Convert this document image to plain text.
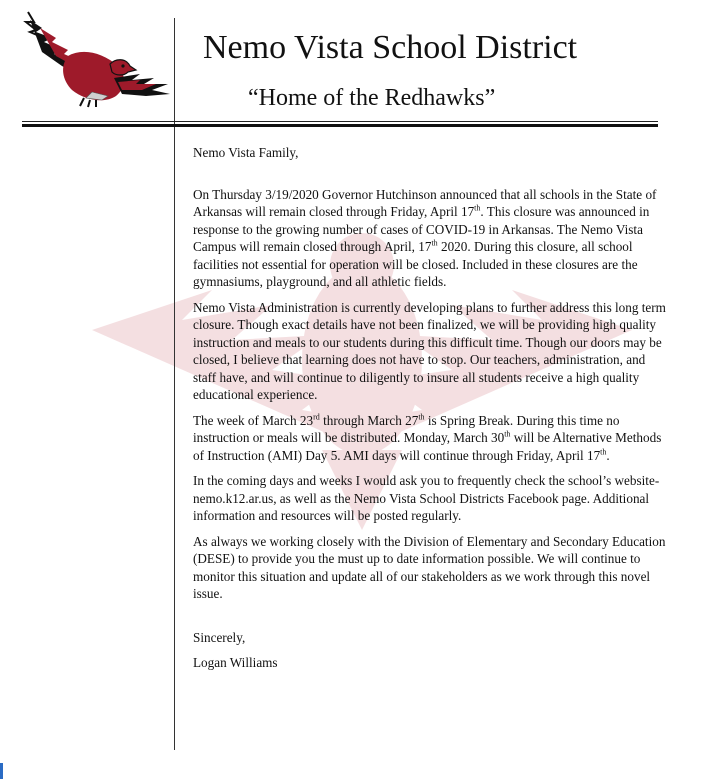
Nemo Vista School District
“Home of the Redhawks”

Nemo Vista Family,

On Thursday 3/19/2020 Governor Hutchinson announced that all schools in the State of Arkansas will remain closed through Friday, April 17th. This closure was announced in response to the growing number of cases of COVID-19 in Arkansas. The Nemo Vista Campus will remain closed through April, 17th 2020. During this closure, all school facilities not essential for operation will be closed. Included in these closures are the gymnasiums, playground, and all athletic fields.

Nemo Vista Administration is currently developing plans to further address this long term closure. Though exact details have not been finalized, we will be providing high quality instruction and meals to our students during this difficult time. Though our doors may be closed, I believe that learning does not have to stop. Our teachers, administration, and staff have, and will continue to diligently to insure all students receive a high quality educational experience.

The week of March 23rd through March 27th is Spring Break. During this time no instruction or meals will be distributed. Monday, March 30th will be Alternative Methods of Instruction (AMI) Day 5. AMI days will continue through Friday, April 17th.

In the coming days and weeks I would ask you to frequently check the school’s website- nemo.k12.ar.us, as well as the Nemo Vista School Districts Facebook page. Additional information and resources will be posted regularly.

As always we working closely with the Division of Elementary and Secondary Education (DESE) to provide you the must up to date information possible. We will continue to monitor this situation and update all of our stakeholders as we work through this novel issue.

Sincerely,

Logan Williams
